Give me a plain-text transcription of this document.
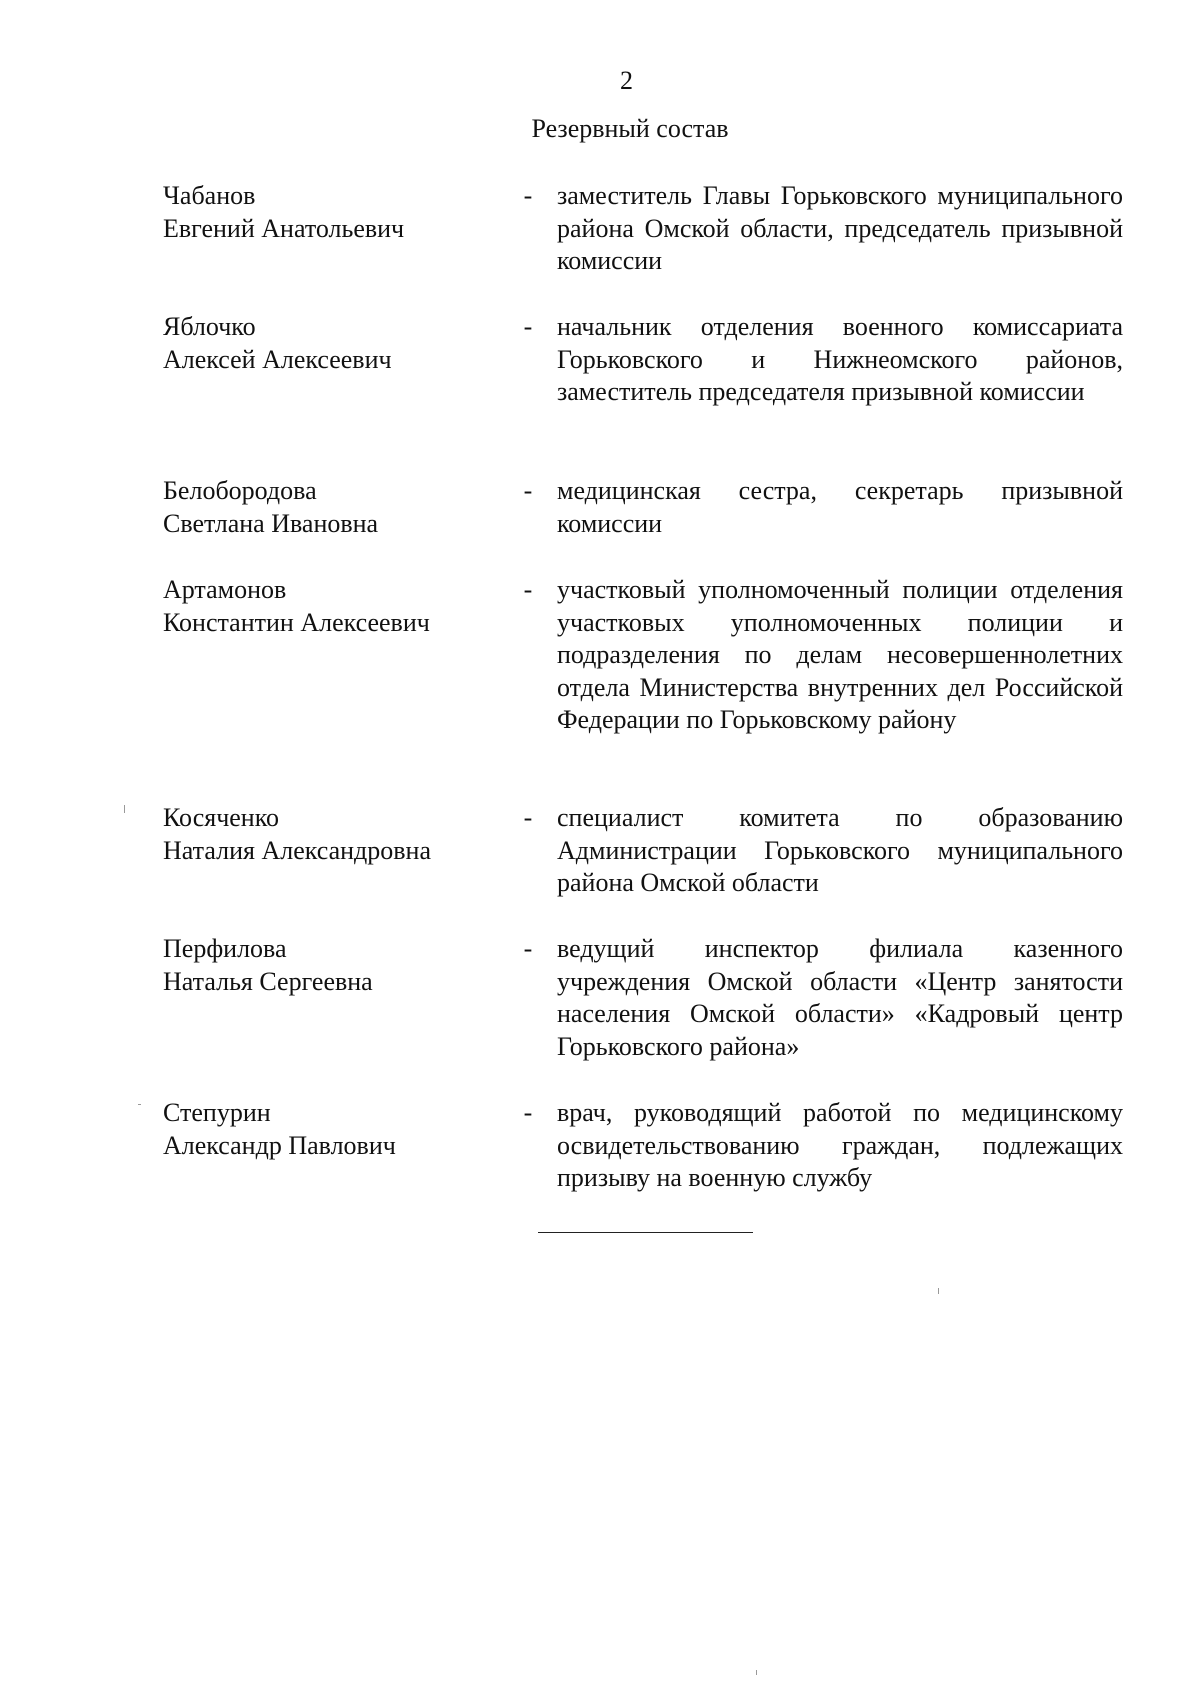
2
Резервный состав
Чабанов
Евгений Анатольевич
- заместитель Главы Горьковского муниципального района Омской области, председатель призывной комиссии
Яблочко
Алексей Алексеевич
- начальник отделения военного комиссариата Горьковского и Нижнеомского районов, заместитель председателя призывной комиссии
Белобородова
Светлана Ивановна
- медицинская сестра, секретарь призывной комиссии
Артамонов
Константин Алексеевич
- участковый уполномоченный полиции отделения участковых уполномоченных полиции и подразделения по делам несовершеннолетних отдела Министерства внутренних дел Российской Федерации по Горьковскому району
Косяченко
Наталия Александровна
- специалист комитета по образованию Администрации Горьковского муниципального района Омской области
Перфилова
Наталья Сергеевна
- ведущий инспектор филиала казенного учреждения Омской области «Центр занятости населения Омской области» «Кадровый центр Горьковского района»
Степурин
Александр Павлович
- врач, руководящий работой по медицинскому освидетельствованию граждан, подлежащих призыву на военную службу
